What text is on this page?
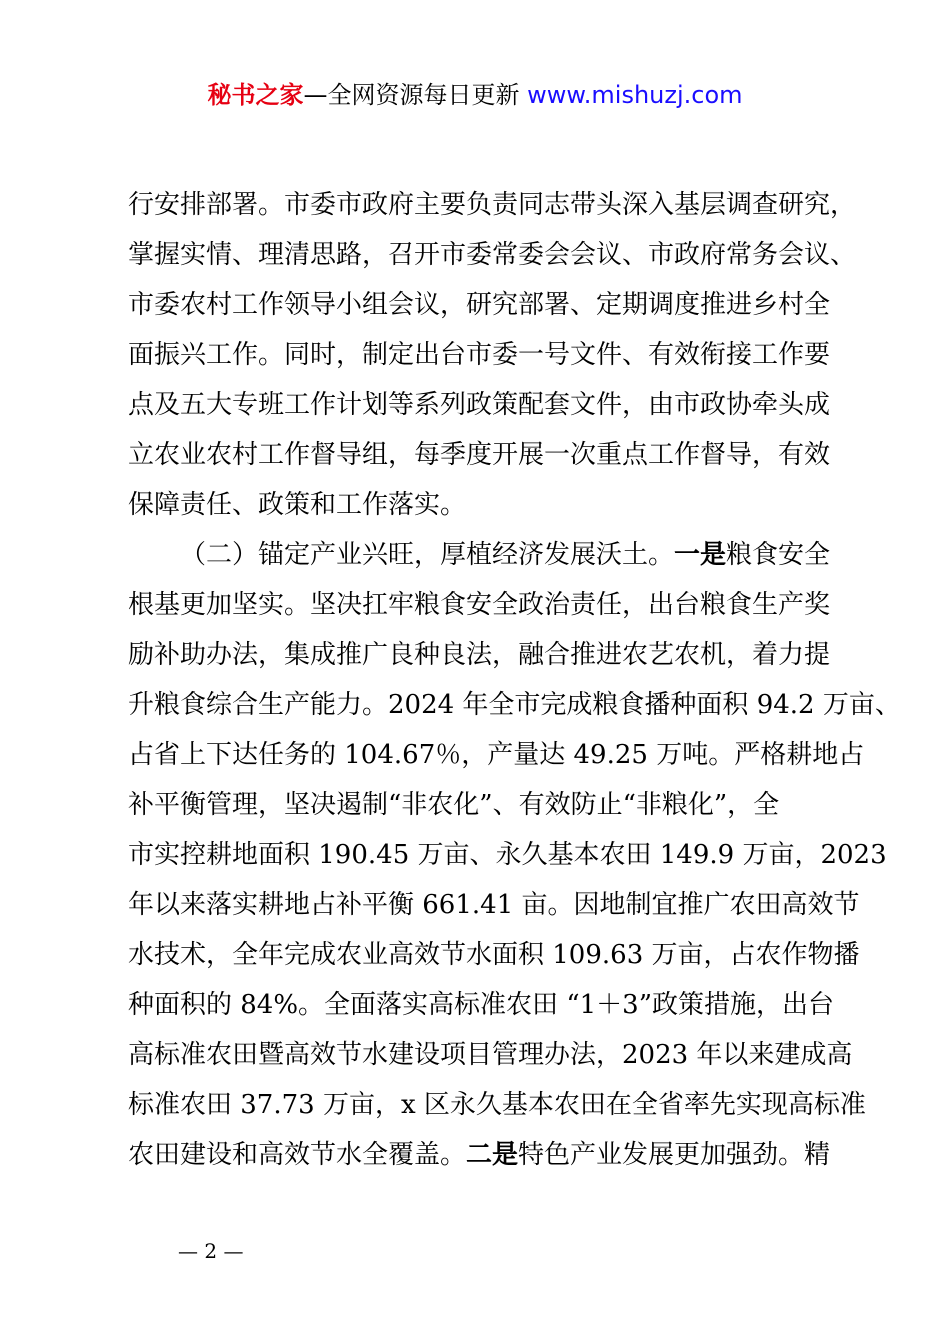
秘书之家—全网资源每日更新 www.mishuzj.com
行安排部署。市委市政府主要负责同志带头深入基层调查研究，
掌握实情、理清思路，召开市委常委会会议、市政府常务会议、
市委农村工作领导小组会议，研究部署、定期调度推进乡村全
面振兴工作。同时，制定出台市委一号文件、有效衔接工作要
点及五大专班工作计划等系列政策配套文件，由市政协牵头成
立农业农村工作督导组，每季度开展一次重点工作督导，有效
保障责任、政策和工作落实。
（二）锚定产业兴旺，厚植经济发展沃土。一是粮食安全
根基更加坚实。坚决扛牢粮食安全政治责任，出台粮食生产奖
励补助办法，集成推广良种良法，融合推进农艺农机，着力提
升粮食综合生产能力。2024 年全市完成粮食播种面积 94.2 万亩、
占省上下达任务的 104.67％，产量达 49.25 万吨。严格耕地占
补平衡管理，坚决遏制“非农化”、有效防止“非粮化”，全
市实控耕地面积 190.45 万亩、永久基本农田 149.9 万亩，2023
年以来落实耕地占补平衡 661.41 亩。因地制宜推广农田高效节
水技术，全年完成农业高效节水面积 109.63 万亩，占农作物播
种面积的 84%。全面落实高标准农田 “1＋3”政策措施，出台
高标准农田暨高效节水建设项目管理办法，2023 年以来建成高
标准农田 37.73 万亩，x 区永久基本农田在全省率先实现高标准
农田建设和高效节水全覆盖。二是特色产业发展更加强劲。精
— 2 —
